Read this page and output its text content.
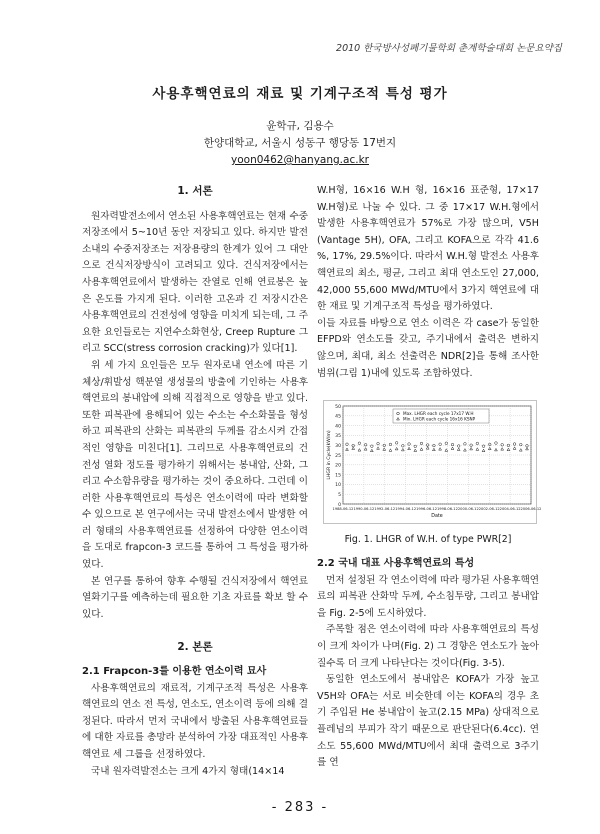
2010 한국방사성폐기물학회 춘계학술대회 논문요약집
사용후핵연료의 재료 및 기계구조적 특성 평가
윤학규, 김용수
한양대학교, 서울시 성동구 행당동 17번지
yoon0462@hanyang.ac.kr

1. 서론

원자력발전소에서 연소된 사용후핵연료는 현재 수중저장조에서 5~10년 동안 저장되고 있다. 하지만 발전소내의 수중저장조는 저장용량의 한계가 있어 그 대안으로 건식저장방식이 고려되고 있다. 건식저장에서는 사용후핵연료에서 발생하는 잔열로 인해 연료봉은 높은 온도를 가지게 된다. 이러한 고온과 긴 저장시간은 사용후핵연료의 건전성에 영향을 미치게 되는데, 그 주요한 요인들로는 지연수소화현상, Creep Rupture 그리고 SCC(stress corrosion cracking)가 있다[1].

위 세 가지 요인들은 모두 원자로내 연소에 따른 기체상/휘발성 핵분열 생성물의 방출에 기인하는 사용후핵연료의 봉내압에 의해 직접적으로 영향을 받고 있다. 또한 피복관에 용해되어 있는 수소는 수소화물을 형성하고 피복관의 산화는 피복관의 두께를 감소시켜 간접적인 영향을 미친다[1]. 그리므로 사용후핵연료의 건전성 열화 정도를 평가하기 위해서는 봉내압, 산화, 그리고 수소함유량을 평가하는 것이 중요하다. 그런데 이러한 사용후핵연료의 특성은 연소이력에 따라 변화할 수 있으므로 본 연구에서는 국내 발전소에서 발생한 여러 형태의 사용후핵연료를 선정하여 다양한 연소이력을 도대로 frapcon-3 코드를 통하여 그 특성을 평가하였다.

본 연구를 통하여 향후 수행될 건식저장에서 핵연료 열화기구를 예측하는데 필요한 기초 자료를 확보 할 수 있다.

2. 본론

2.1 Frapcon-3를 이용한 연소이력 묘사

사용후핵연료의 재료적, 기계구조적 특성은 사용후핵연료의 연소 전 특성, 연소도, 연소이력 등에 의해 결정된다. 따라서 먼저 국내에서 방출된 사용후핵연료들에 대한 자료를 총망라 분석하여 가장 대표적인 사용후핵연료 세 그룹을 선정하였다.

국내 원자력발전소는 크게 4가지 형태(14×14

W.H형, 16×16 W.H 형, 16×16 표준형, 17×17 W.H형)로 나눌 수 있다. 그 중 17×17 W.H.형에서 발생한 사용후핵연료가 57%로 가장 많으며, V5H (Vantage 5H), OFA, 그리고 KOFA으로 각각 41.6 %, 17%, 29.5%이다. 따라서 W.H.형 발전소 사용후핵연료의 최소, 평균, 그리고 최대 연소도인 27,000, 42,000 55,600 MWd/MTU에서 3가지 핵연료에 대한 재료 및 기계구조적 특성을 평가하였다.

이들 자료를 바탕으로 연소 이력은 각 case가 동일한 EFPD와 연소도를 갖고, 주기내에서 출력은 변하지 않으며, 최대, 최소 선출력은 NDR[2]을 통해 조사한 범위(그림 1)내에 있도록 조합하였다.

0
5
10
15
20
25
30
35
40
45
50
1988-06-12 1990-06-12 1992-06-12 1994-06-12 1996-06-12 1998-06-12 2000-06-12 2002-06-12 2004-06-12 2006-06-12
Date
LHGR in Cycle(kW/m)
Max. LHGR each cycle 17x17 W.H
Min. LHGR each cycle 16x16 KSNP
Fig. 1. LHGR of W.H. of type PWR[2]

2.2 국내 대표 사용후핵연료의 특성

먼저 설정된 각 연소이력에 따라 평가된 사용후핵연료의 피복관 산화막 두께, 수소침투량, 그리고 봉내압을 Fig. 2-5에 도시하였다.

주목할 점은 연소이력에 따라 사용후핵연료의 특성이 크게 차이가 나며(Fig. 2) 그 경향은 연소도가 높아질수록 더 크게 나타난다는 것이다(Fig. 3-5).

동일한 연소도에서 봉내압은 KOFA가 가장 높고 V5H와 OFA는 서로 비슷한데 이는 KOFA의 경우 초기 주입된 He 봉내압이 높고(2.15 MPa) 상대적으로 플레넘의 부피가 작기 때문으로 판단된다(6.4cc). 연소도 55,600 MWd/MTU에서 최대 출력으로 3주기를 연

- 283 -
